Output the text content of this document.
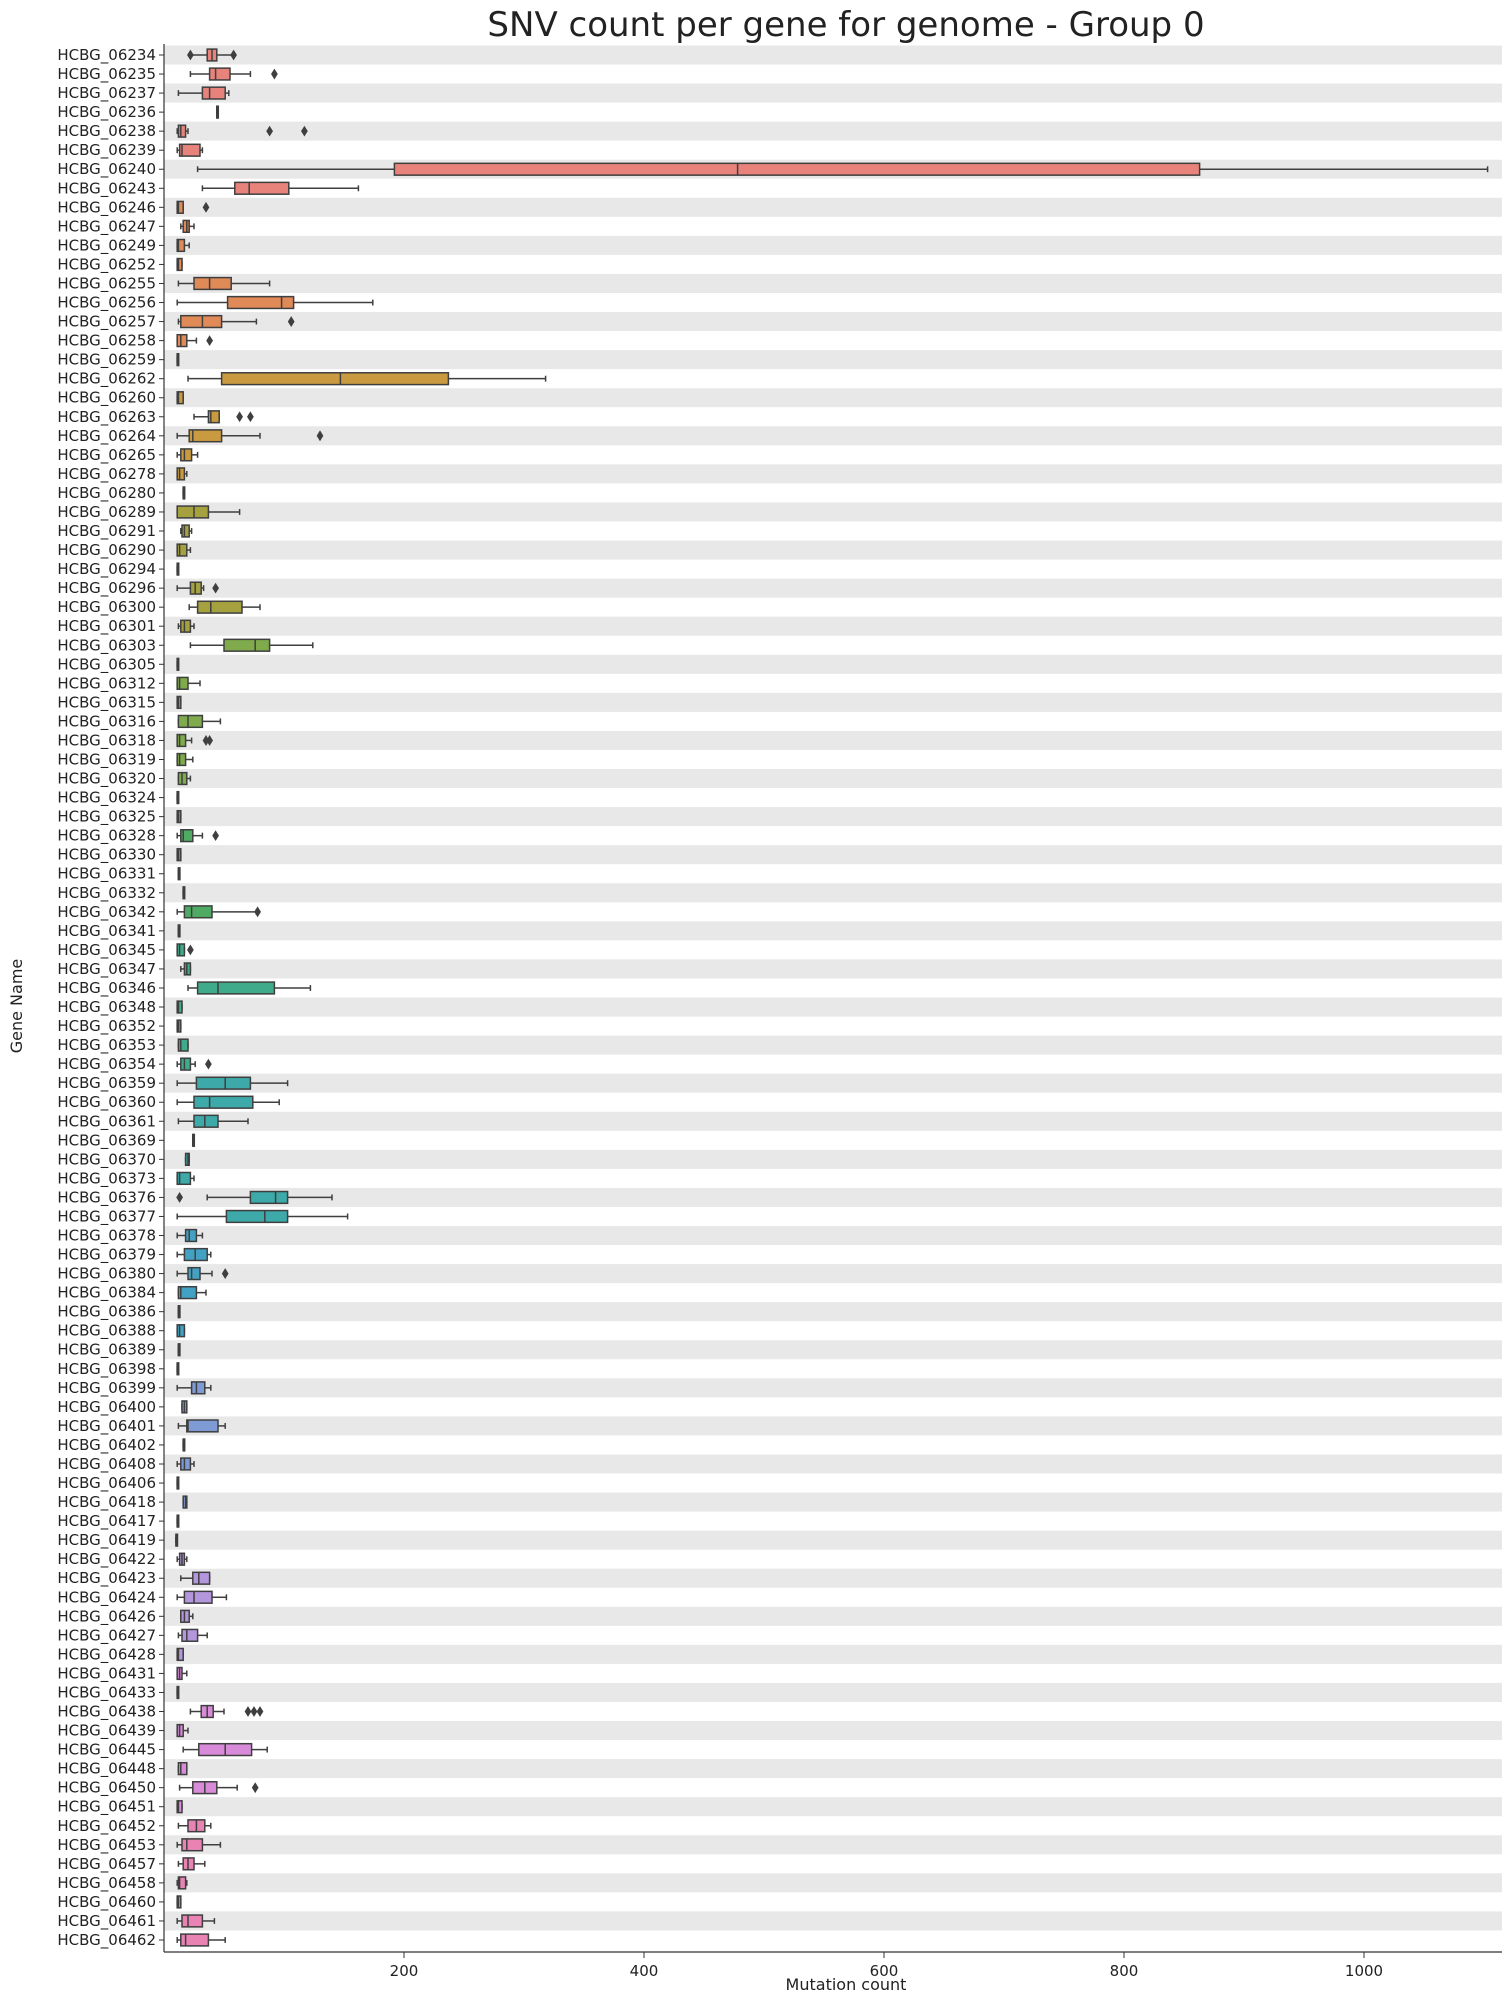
SNV count per gene for genome - Group 0
HCBG_06234
HCBG_06235
HCBG_06237
HCBG_06236
HCBG_06238
HCBG_06239
HCBG_06240
HCBG_06243
HCBG_06246
HCBG_06247
HCBG_06249
HCBG_06252
HCBG_06255
HCBG_06256
HCBG_06257
HCBG_06258
HCBG_06259
HCBG_06262
HCBG_06260
HCBG_06263
HCBG_06264
HCBG_06265
HCBG_06278
HCBG_06280
HCBG_06289
HCBG_06291
HCBG_06290
HCBG_06294
HCBG_06296
HCBG_06300
HCBG_06301
HCBG_06303
HCBG_06305
HCBG_06312
HCBG_06315
HCBG_06316
HCBG_06318
HCBG_06319
HCBG_06320
HCBG_06324
HCBG_06325
HCBG_06328
HCBG_06330
HCBG_06331
HCBG_06332
HCBG_06342
HCBG_06341
HCBG_06345
HCBG_06347
HCBG_06346
HCBG_06348
HCBG_06352
HCBG_06353
HCBG_06354
HCBG_06359
HCBG_06360
HCBG_06361
HCBG_06369
HCBG_06370
HCBG_06373
HCBG_06376
HCBG_06377
HCBG_06378
HCBG_06379
HCBG_06380
HCBG_06384
HCBG_06386
HCBG_06388
HCBG_06389
HCBG_06398
HCBG_06399
HCBG_06400
HCBG_06401
HCBG_06402
HCBG_06408
HCBG_06406
HCBG_06418
HCBG_06417
HCBG_06419
HCBG_06422
HCBG_06423
HCBG_06424
HCBG_06426
HCBG_06427
HCBG_06428
HCBG_06431
HCBG_06433
HCBG_06438
HCBG_06439
HCBG_06445
HCBG_06448
HCBG_06450
HCBG_06451
HCBG_06452
HCBG_06453
HCBG_06457
HCBG_06458
HCBG_06460
HCBG_06461
HCBG_06462
200	400	600	800	1000
Mutation count
Gene Name
